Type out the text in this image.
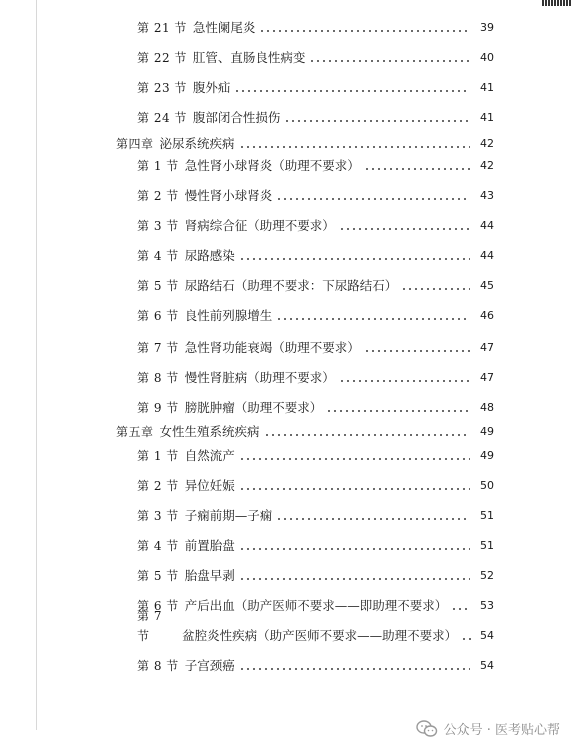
第 21 节 急性阑尾炎	39
第 22 节 肛管、直肠良性病变	40
第 23 节 腹外疝	41
第 24 节 腹部闭合性损伤	41
第四章 泌尿系统疾病	42
第 1 节 急性肾小球肾炎（助理不要求）	42
第 2 节 慢性肾小球肾炎	43
第 3 节 肾病综合征（助理不要求）	44
第 4 节 尿路感染	44
第 5 节 尿路结石（助理不要求：下尿路结石）	45
第 6 节 良性前列腺增生	46
第 7 节 急性肾功能衰竭（助理不要求）	47
第 8 节 慢性肾脏病（助理不要求）	47
第 9 节 膀胱肿瘤（助理不要求）	48
第五章 女性生殖系统疾病	49
第 1 节 自然流产	49
第 2 节 异位妊娠	50
第 3 节 子痫前期—子痫	51
第 4 节 前置胎盘	51
第 5 节 胎盘早剥	52
第 6 节 产后出血（助产医师不要求——即助理不要求）	53
第 7 节	盆腔炎性疾病（助产医师不要求——助理不要求）	54
第 8 节 子宫颈癌	54
公众号 · 医考贴心帮
